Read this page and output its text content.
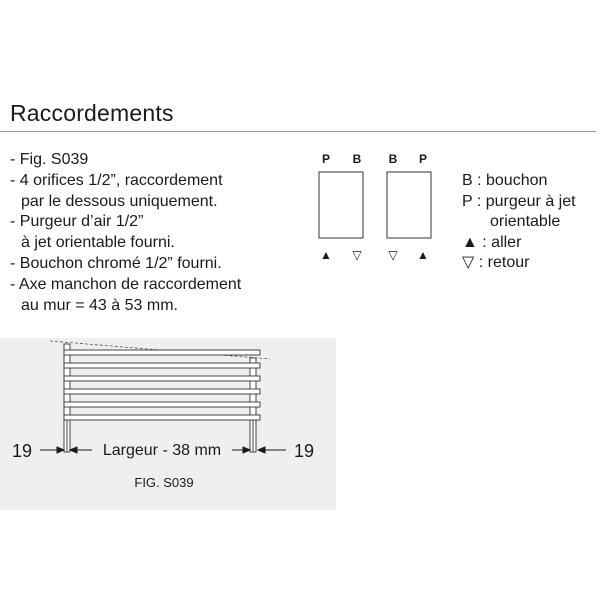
Raccordements
- Fig. S039
- 4 orifices 1/2”, raccordement
par le dessous uniquement.
- Purgeur d’air 1/2”
à jet orientable fourni.
- Bouchon chromé 1/2” fourni.
- Axe manchon de raccordement
au mur = 43 à 53 mm.
P B
▲ ▽
B P
▽ ▲
B : bouchon
P : purgeur à jet
orientable
▲ : aller
▽ : retour
19	Largeur - 38 mm	19
FIG. S039
